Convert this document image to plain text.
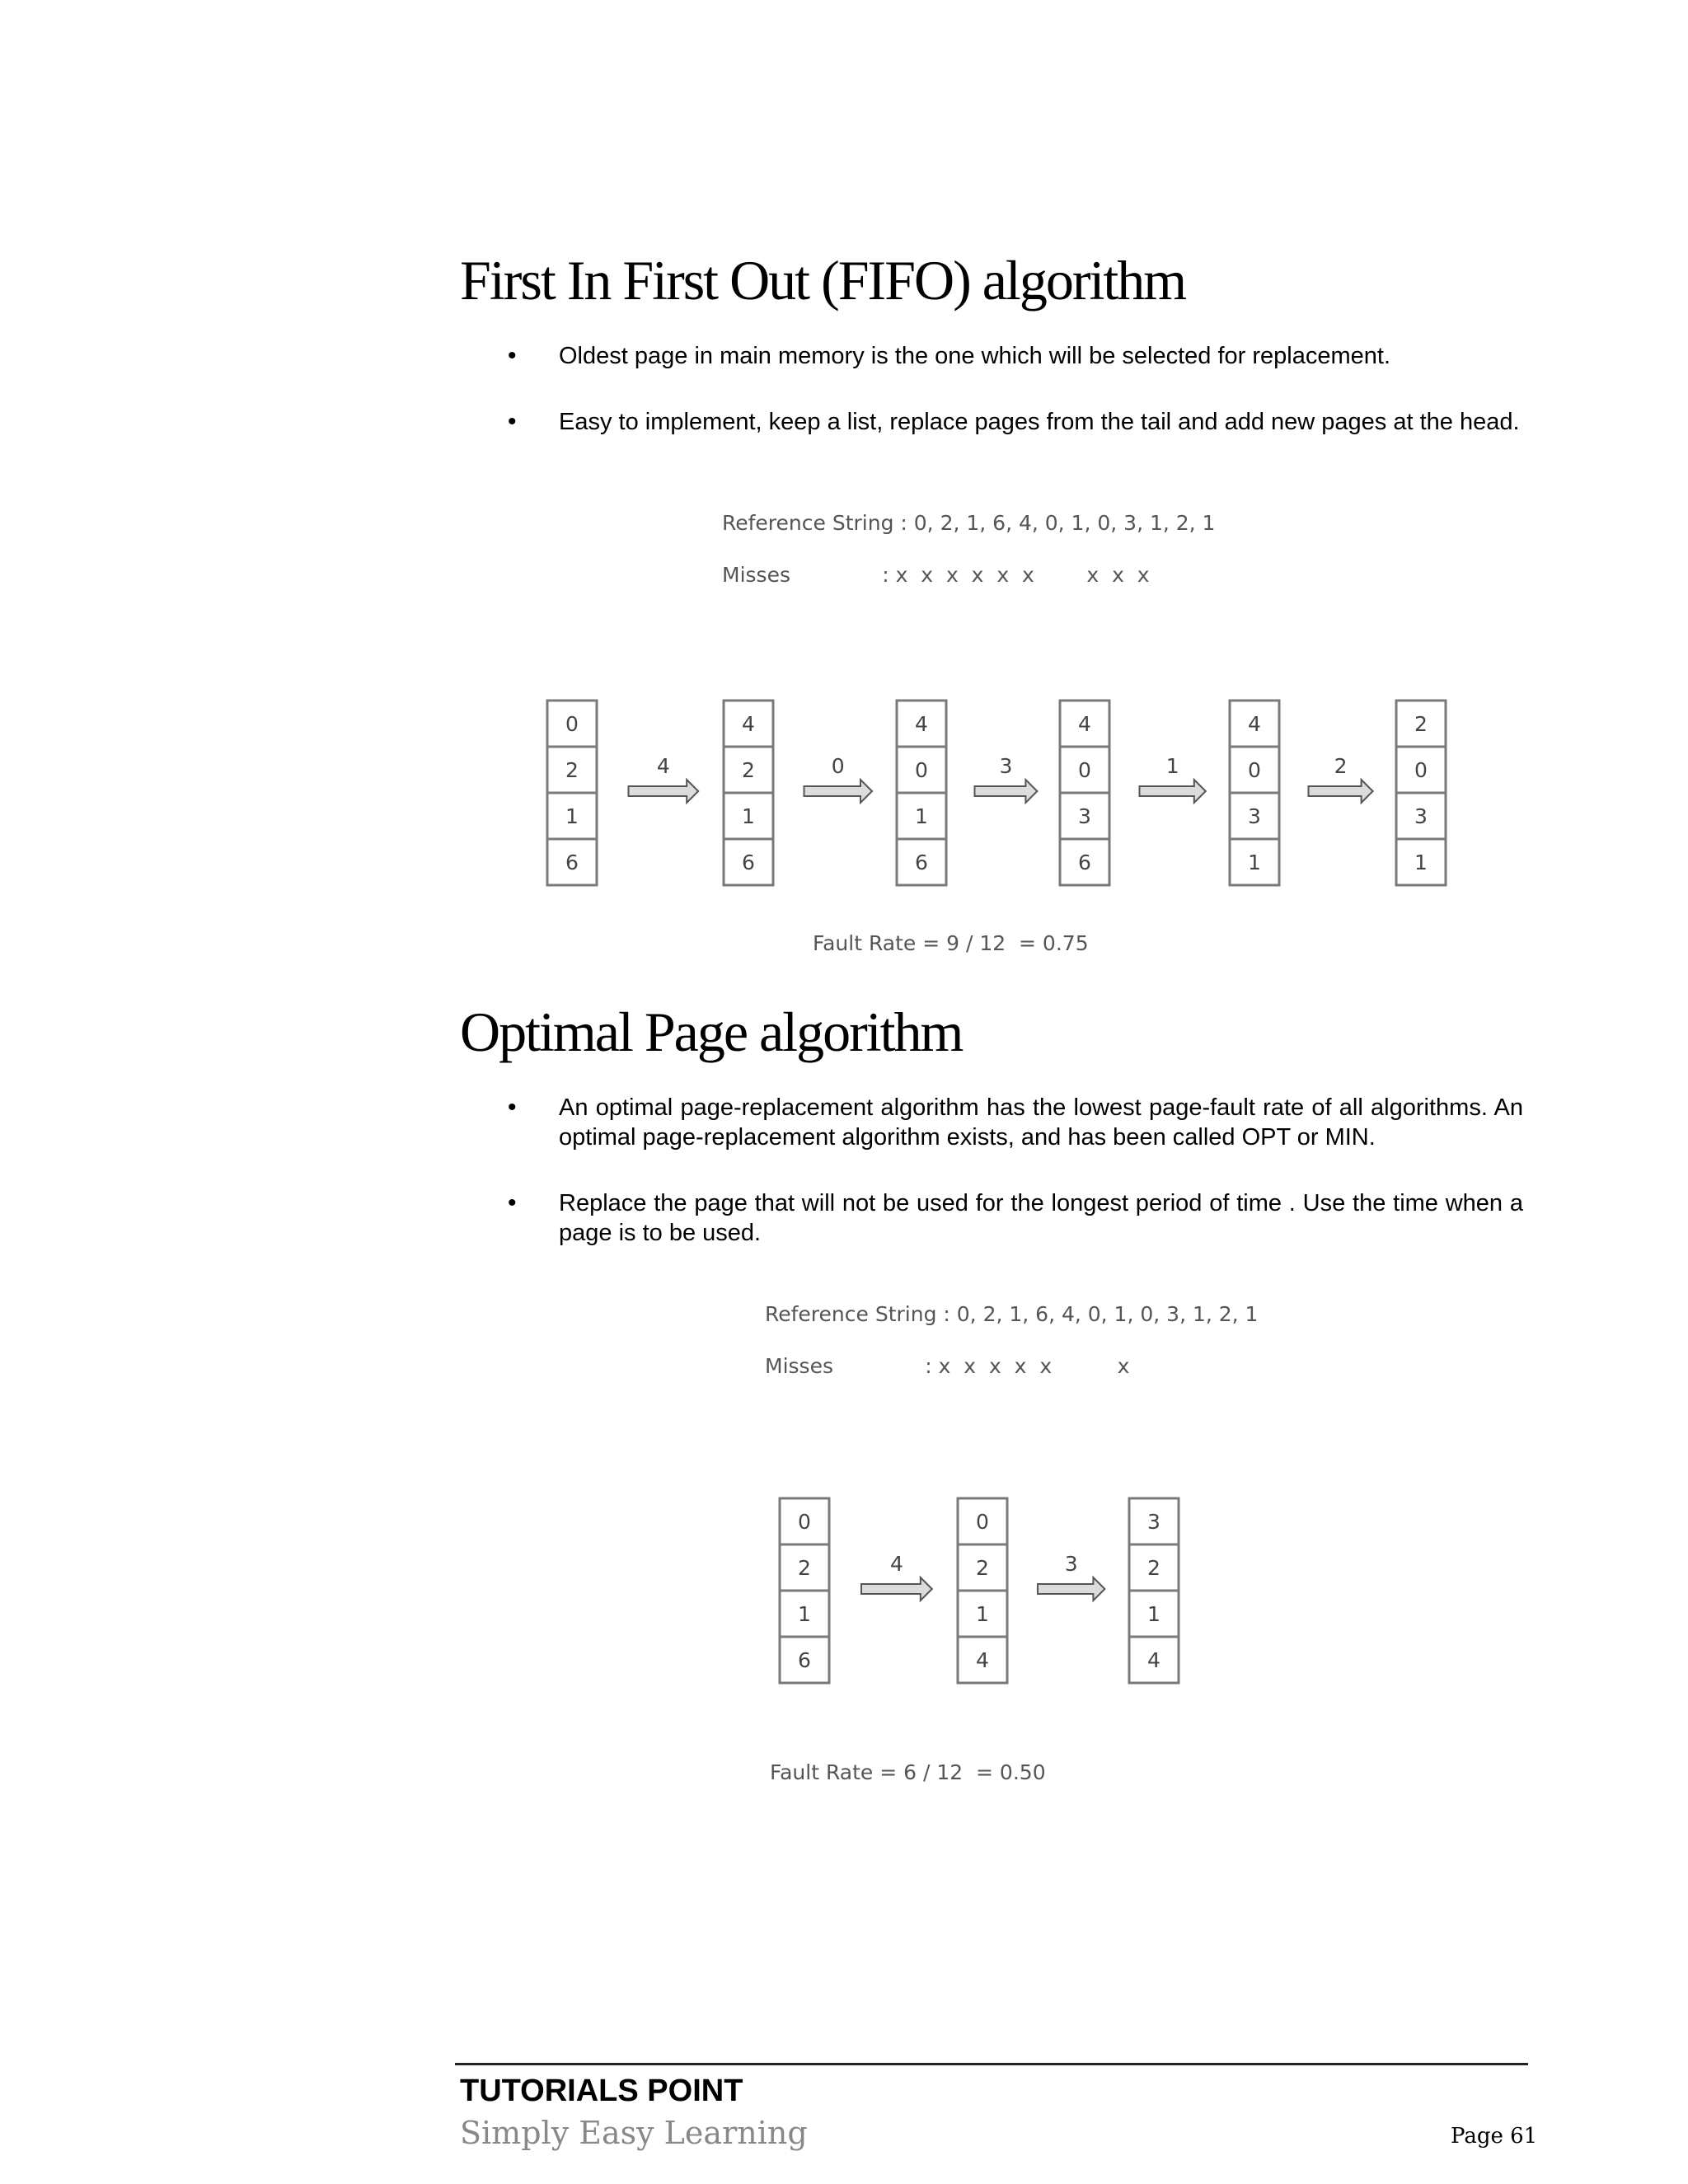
First In First Out (FIFO) algorithm
• Oldest page in main memory is the one which will be selected for replacement.
• Easy to implement, keep a list, replace pages from the tail and add new pages at the head.
Reference String : 0, 2, 1, 6, 4, 0, 1, 0, 3, 1, 2, 1
Misses              : x  x  x  x  x  x        x  x  x
0
2
1
6
4
4
2
1
6
0
4
0
1
6
3
4
0
3
6
1
4
0
3
1
2
2
0
3
1
Fault Rate = 9 / 12  = 0.75
Optimal Page algorithm
• An optimal page-replacement algorithm has the lowest page-fault rate of all algorithms. An optimal page-replacement algorithm exists, and has been called OPT or MIN.
• Replace the page that will not be used for the longest period of time . Use the time when a page is to be used.
Reference String : 0, 2, 1, 6, 4, 0, 1, 0, 3, 1, 2, 1
Misses              : x  x  x  x  x          x
0
2
1
6
4
0
2
1
4
3
3
2
1
4
Fault Rate = 6 / 12  = 0.50
TUTORIALS POINT
Simply Easy Learning	Page 61
